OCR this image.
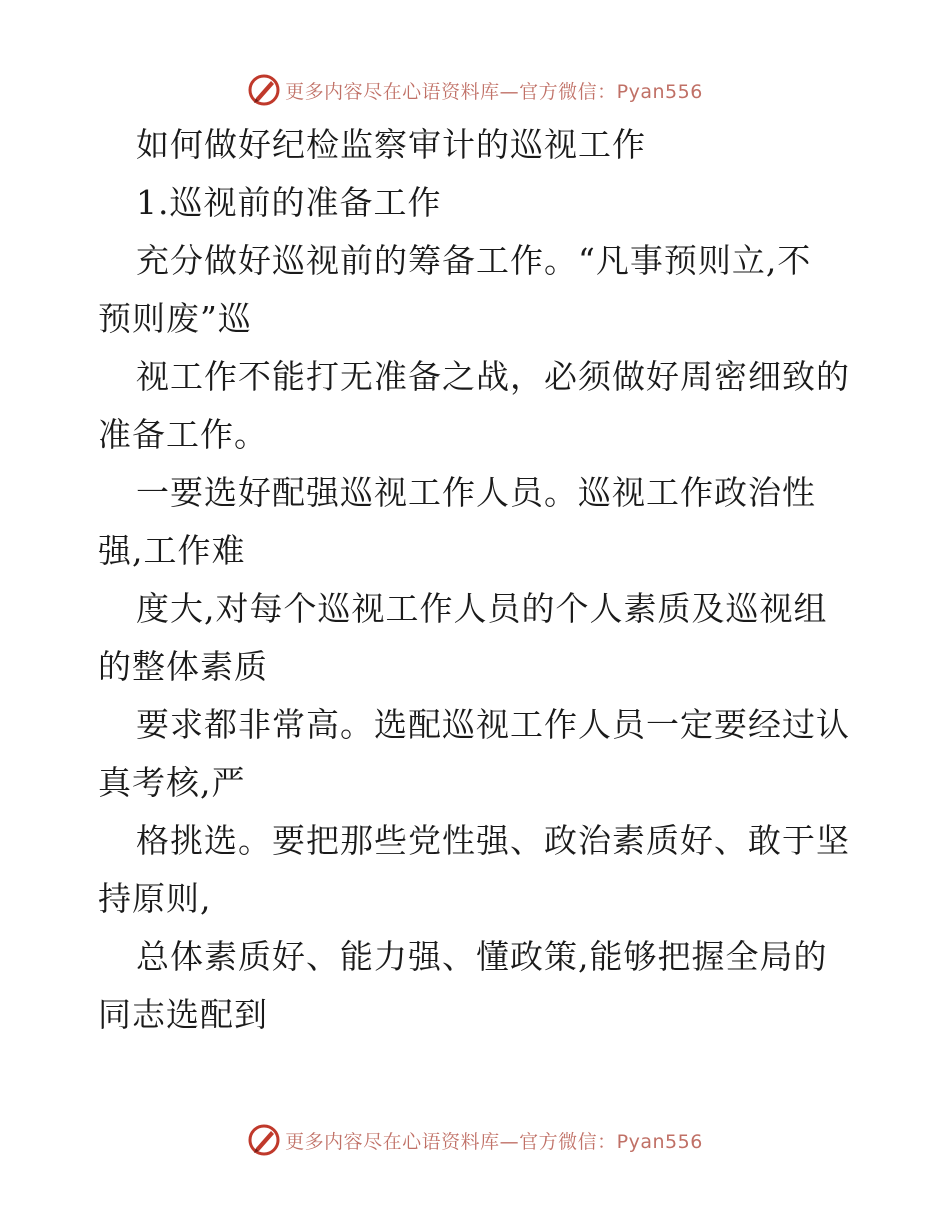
更多内容尽在心语资料库—官方微信：Pyan556
如何做好纪检监察审计的巡视工作
1.巡视前的准备工作
充分做好巡视前的筹备工作。“凡事预则立,不
预则废”巡
视工作不能打无准备之战，必须做好周密细致的
准备工作。
一要选好配强巡视工作人员。巡视工作政治性
强,工作难
度大,对每个巡视工作人员的个人素质及巡视组
的整体素质
要求都非常高。选配巡视工作人员一定要经过认
真考核,严
格挑选。要把那些党性强、政治素质好、敢于坚
持原则,
总体素质好、能力强、懂政策,能够把握全局的
同志选配到
更多内容尽在心语资料库—官方微信：Pyan556
